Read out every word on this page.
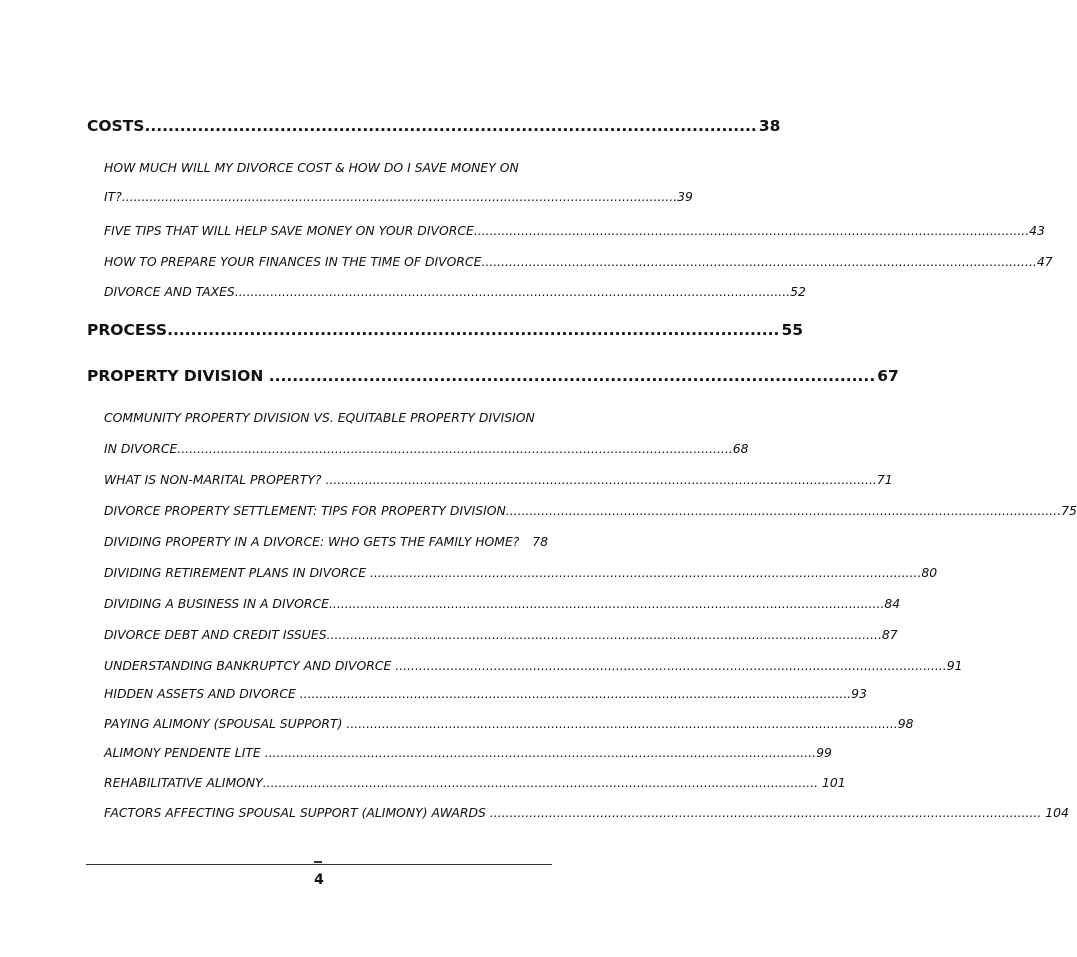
COSTS ........................................................................................................ 38
HOW MUCH WILL MY DIVORCE COST & HOW DO I SAVE MONEY ON
IT? ............................................................................................................................................. 39
FIVE TIPS THAT WILL HELP SAVE MONEY ON YOUR DIVORCE ............................................................................................................................................. 43
HOW TO PREPARE YOUR FINANCES IN THE TIME OF DIVORCE ............................................................................................................................................. 47
DIVORCE AND TAXES ............................................................................................................................................. 52
PROCESS ........................................................................................................ 55
PROPERTY DIVISION ....................................................................................................... 67
COMMUNITY PROPERTY DIVISION VS. EQUITABLE PROPERTY DIVISION
IN DIVORCE ............................................................................................................................................. 68
WHAT IS NON-MARITAL PROPERTY? ............................................................................................................................................ 71
DIVORCE PROPERTY SETTLEMENT: TIPS FOR PROPERTY DIVISION ............................................................................................................................................. 75
DIVIDING PROPERTY IN A DIVORCE: WHO GETS THE FAMILY HOME?
78
DIVIDING RETIREMENT PLANS IN DIVORCE ............................................................................................................................................ 80
DIVIDING A BUSINESS IN A DIVORCE ............................................................................................................................................. 84
DIVORCE DEBT AND CREDIT ISSUES ............................................................................................................................................. 87
UNDERSTANDING BANKRUPTCY AND DIVORCE ............................................................................................................................................ 91
HIDDEN ASSETS AND DIVORCE ............................................................................................................................................ 93
PAYING ALIMONY (SPOUSAL SUPPORT) ............................................................................................................................................ 98
ALIMONY PENDENTE LITE ............................................................................................................................................ 99
REHABILITATIVE ALIMONY ............................................................................................................................................. 101
FACTORS AFFECTING SPOUSAL SUPPORT (ALIMONY) AWARDS ............................................................................................................................................ 104
4
